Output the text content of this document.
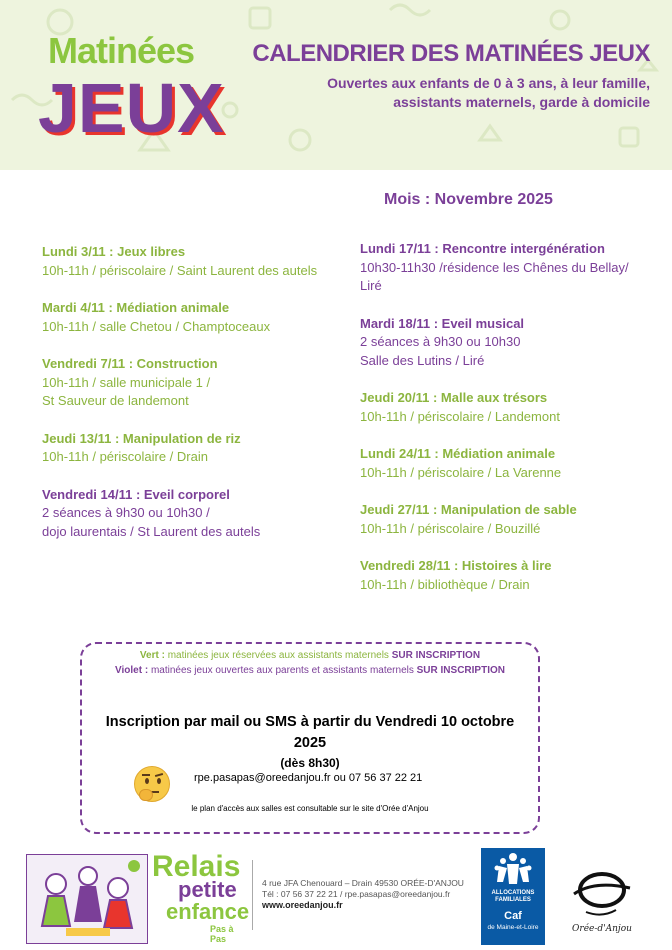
Matinées
JEUX
CALENDRIER DES MATINÉES JEUX
Ouvertes aux enfants de 0 à 3 ans, à leur famille,
assistants maternels, garde à domicile
Mois : Novembre 2025
Lundi 3/11 : Jeux libres
10h-11h / périscolaire / Saint Laurent des autels
Mardi 4/11 : Médiation animale
10h-11h / salle Chetou / Champtoceaux
Vendredi 7/11 : Construction
10h-11h / salle municipale 1 /
St Sauveur de landemont
Jeudi 13/11 : Manipulation de riz
10h-11h / périscolaire / Drain
Vendredi 14/11 : Eveil corporel
2 séances à 9h30 ou 10h30 /
dojo laurentais / St Laurent des autels
Lundi 17/11 : Rencontre intergénération
10h30-11h30 /résidence les Chênes du Bellay/
Liré
Mardi 18/11 : Eveil musical
2 séances à 9h30 ou 10h30
Salle des Lutins / Liré
Jeudi 20/11 : Malle aux trésors
10h-11h / périscolaire / Landemont
Lundi 24/11 : Médiation animale
10h-11h / périscolaire / La Varenne
Jeudi 27/11 : Manipulation de sable
10h-11h / périscolaire / Bouzillé
Vendredi 28/11 : Histoires à lire
10h-11h / bibliothèque / Drain
Vert : matinées jeux réservées aux assistants maternels SUR INSCRIPTION
Violet : matinées jeux ouvertes aux parents et assistants maternels SUR INSCRIPTION
Inscription par mail ou SMS à partir du Vendredi 10 octobre
2025
(dès 8h30)
rpe.pasapas@oreedanjou.fr ou 07 56 37 22 21
le plan d'accès aux salles est consultable sur le site d'Orée d'Anjou
Relais
petite
enfance
Pas à Pas
4 rue JFA Chenouard – Drain 49530 ORÉE-D'ANJOU
Tél : 07 56 37 22 21 / rpe.pasapas@oreedanjou.fr
www.oreedanjou.fr
ALLOCATIONS FAMILIALES
Caf
de Maine-et-Loire	Orée-d'Anjou
